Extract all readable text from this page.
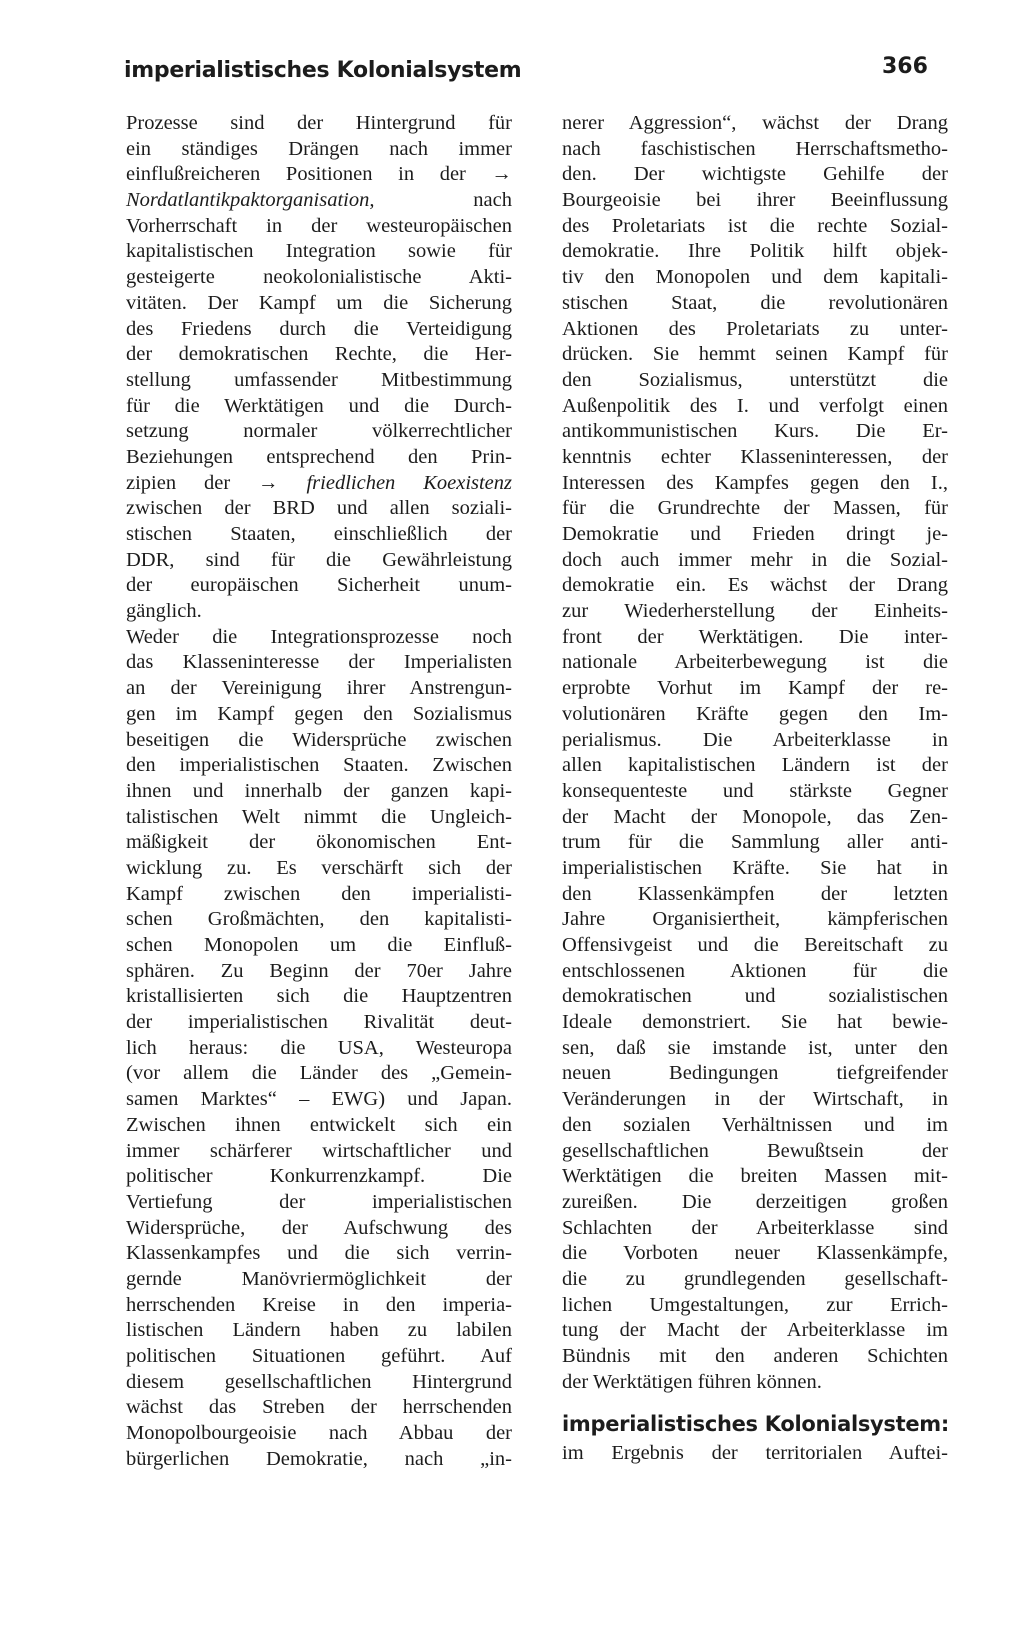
imperialistisches Kolonialsystem	366
Prozesse sind der Hintergrund für
ein ständiges Drängen nach immer
einflußreicheren Positionen in der →
Nordatlantikpaktorganisation, nach
Vorherrschaft in der westeuropäischen
kapitalistischen Integration sowie für
gesteigerte neokolonialistische Akti-
vitäten. Der Kampf um die Sicherung
des Friedens durch die Verteidigung
der demokratischen Rechte, die Her-
stellung umfassender Mitbestimmung
für die Werktätigen und die Durch-
setzung normaler völkerrechtlicher
Beziehungen entsprechend den Prin-
zipien der → friedlichen Koexistenz
zwischen der BRD und allen soziali-
stischen Staaten, einschließlich der
DDR, sind für die Gewährleistung
der europäischen Sicherheit unum-
gänglich.
Weder die Integrationsprozesse noch
das Klasseninteresse der Imperialisten
an der Vereinigung ihrer Anstrengun-
gen im Kampf gegen den Sozialismus
beseitigen die Widersprüche zwischen
den imperialistischen Staaten. Zwischen
ihnen und innerhalb der ganzen kapi-
talistischen Welt nimmt die Ungleich-
mäßigkeit der ökonomischen Ent-
wicklung zu. Es verschärft sich der
Kampf zwischen den imperialisti-
schen Großmächten, den kapitalisti-
schen Monopolen um die Einfluß-
sphären. Zu Beginn der 70er Jahre
kristallisierten sich die Hauptzentren
der imperialistischen Rivalität deut-
lich heraus: die USA, Westeuropa
(vor allem die Länder des „Gemein-
samen Marktes“ – EWG) und Japan.
Zwischen ihnen entwickelt sich ein
immer schärferer wirtschaftlicher und
politischer Konkurrenzkampf. Die
Vertiefung der imperialistischen
Widersprüche, der Aufschwung des
Klassenkampfes und die sich verrin-
gernde Manövriermöglichkeit der
herrschenden Kreise in den imperia-
listischen Ländern haben zu labilen
politischen Situationen geführt. Auf
diesem gesellschaftlichen Hintergrund
wächst das Streben der herrschenden
Monopolbourgeoisie nach Abbau der
bürgerlichen Demokratie, nach „in-
nerer Aggression“, wächst der Drang
nach faschistischen Herrschaftsmetho-
den. Der wichtigste Gehilfe der
Bourgeoisie bei ihrer Beeinflussung
des Proletariats ist die rechte Sozial-
demokratie. Ihre Politik hilft objek-
tiv den Monopolen und dem kapitali-
stischen Staat, die revolutionären
Aktionen des Proletariats zu unter-
drücken. Sie hemmt seinen Kampf für
den Sozialismus, unterstützt die
Außenpolitik des I. und verfolgt einen
antikommunistischen Kurs. Die Er-
kenntnis echter Klasseninteressen, der
Interessen des Kampfes gegen den I.,
für die Grundrechte der Massen, für
Demokratie und Frieden dringt je-
doch auch immer mehr in die Sozial-
demokratie ein. Es wächst der Drang
zur Wiederherstellung der Einheits-
front der Werktätigen. Die inter-
nationale Arbeiterbewegung ist die
erprobte Vorhut im Kampf der re-
volutionären Kräfte gegen den Im-
perialismus. Die Arbeiterklasse in
allen kapitalistischen Ländern ist der
konsequenteste und stärkste Gegner
der Macht der Monopole, das Zen-
trum für die Sammlung aller anti-
imperialistischen Kräfte. Sie hat in
den Klassenkämpfen der letzten
Jahre Organisiertheit, kämpferischen
Offensivgeist und die Bereitschaft zu
entschlossenen Aktionen für die
demokratischen und sozialistischen
Ideale demonstriert. Sie hat bewie-
sen, daß sie imstande ist, unter den
neuen Bedingungen tiefgreifender
Veränderungen in der Wirtschaft, in
den sozialen Verhältnissen und im
gesellschaftlichen Bewußtsein der
Werktätigen die breiten Massen mit-
zureißen. Die derzeitigen großen
Schlachten der Arbeiterklasse sind
die Vorboten neuer Klassenkämpfe,
die zu grundlegenden gesellschaft-
lichen Umgestaltungen, zur Errich-
tung der Macht der Arbeiterklasse im
Bündnis mit den anderen Schichten
der Werktätigen führen können.
imperialistisches Kolonialsystem:
im Ergebnis der territorialen Auftei-
